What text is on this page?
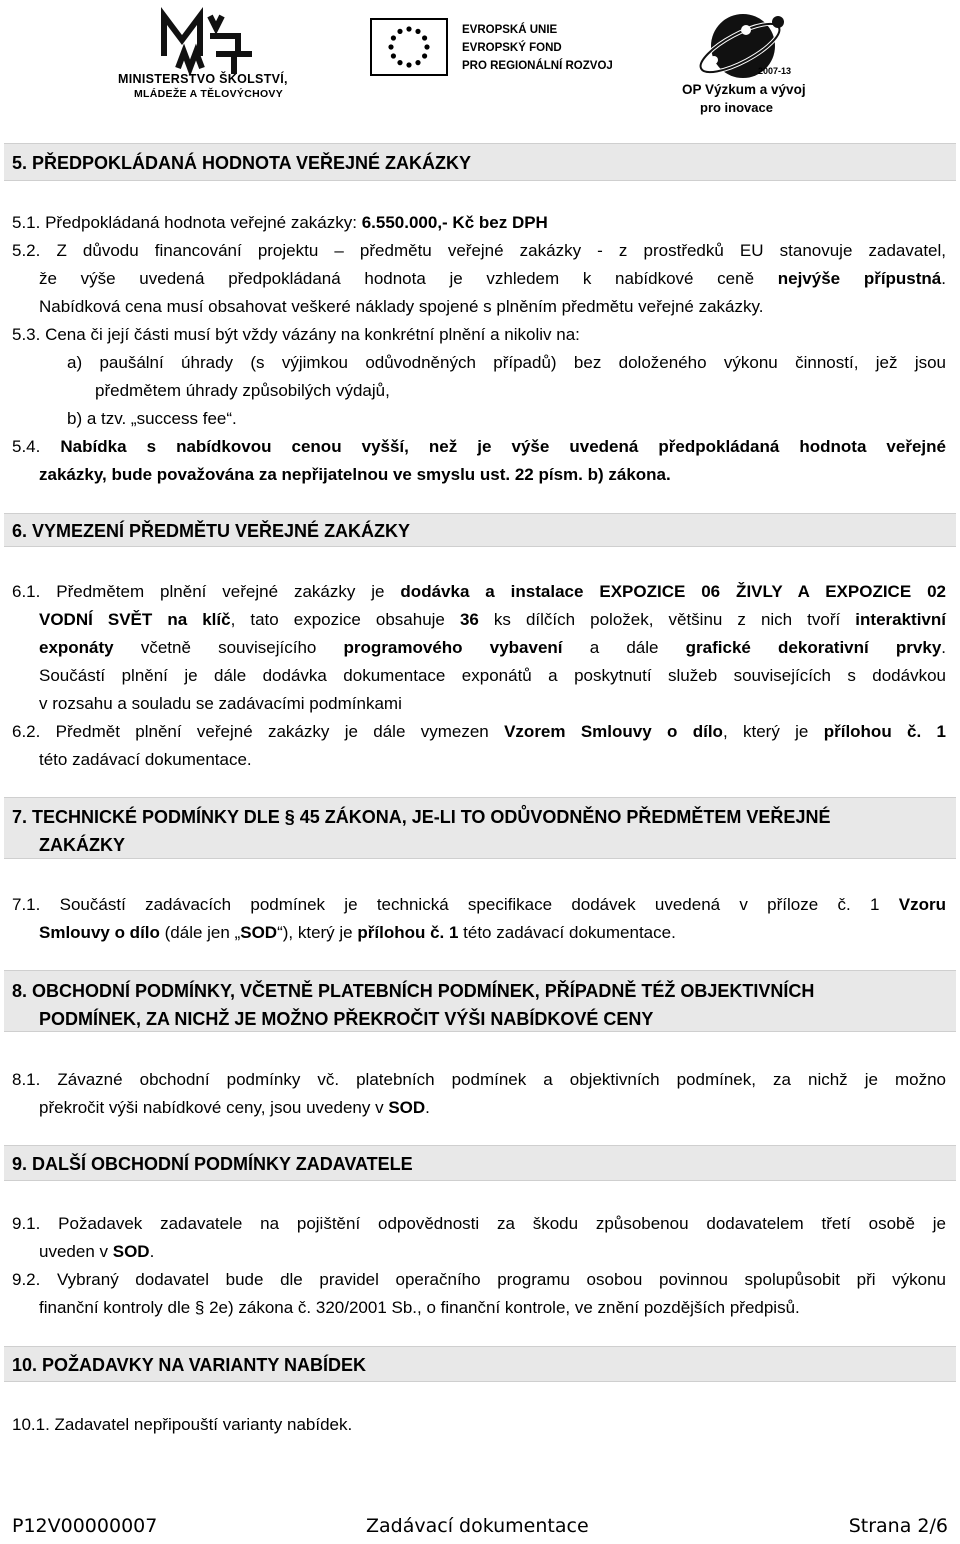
MINISTERSTVO ŠKOLSTVÍ,
MLÁDEŽE A TĚLOVÝCHOVY
EVROPSKÁ UNIE
EVROPSKÝ FOND
PRO REGIONÁLNÍ ROZVOJ	2007-13
OP Výzkum a vývoj
pro inovace
5. PŘEDPOKLÁDANÁ HODNOTA VEŘEJNÉ ZAKÁZKY
5.1. Předpokládaná hodnota veřejné zakázky: 6.550.000,- Kč bez DPH
5.2. Z důvodu financování projektu – předmětu veřejné zakázky - z prostředků EU stanovuje zadavatel,
že výše uvedená předpokládaná hodnota je vzhledem k nabídkové ceně nejvýše přípustná.
Nabídková cena musí obsahovat veškeré náklady spojené s plněním předmětu veřejné zakázky.
5.3. Cena či její části musí být vždy vázány na konkrétní plnění a nikoliv na:
a) paušální úhrady (s výjimkou odůvodněných případů) bez doloženého výkonu činností, jež jsou
předmětem úhrady způsobilých výdajů,
b) a tzv. „success fee“.
5.4. Nabídka s nabídkovou cenou vyšší, než je výše uvedená předpokládaná hodnota veřejné
zakázky, bude považována za nepřijatelnou ve smyslu ust. 22 písm. b) zákona.
6. VYMEZENÍ PŘEDMĚTU VEŘEJNÉ ZAKÁZKY
6.1. Předmětem plnění veřejné zakázky je dodávka a instalace EXPOZICE 06 ŽIVLY A EXPOZICE 02
VODNÍ SVĚT na klíč, tato expozice obsahuje 36 ks dílčích položek, většinu z nich tvoří interaktivní
exponáty včetně souvisejícího programového vybavení a dále grafické dekorativní prvky.
Součástí plnění je dále dodávka dokumentace exponátů a poskytnutí služeb souvisejících s dodávkou
v rozsahu a souladu se zadávacími podmínkami
6.2. Předmět plnění veřejné zakázky je dále vymezen Vzorem Smlouvy o dílo, který je přílohou č. 1
této zadávací dokumentace.
7. TECHNICKÉ PODMÍNKY DLE § 45 ZÁKONA, JE-LI TO ODŮVODNĚNO PŘEDMĚTEM VEŘEJNÉ
ZAKÁZKY
7.1. Součástí zadávacích podmínek je technická specifikace dodávek uvedená v příloze č. 1 Vzoru
Smlouvy o dílo (dále jen „SOD“), který je přílohou č. 1 této zadávací dokumentace.
8. OBCHODNÍ PODMÍNKY, VČETNĚ PLATEBNÍCH PODMÍNEK, PŘÍPADNĚ TÉŽ OBJEKTIVNÍCH
PODMÍNEK, ZA NICHŽ JE MOŽNO PŘEKROČIT VÝŠI NABÍDKOVÉ CENY
8.1. Závazné obchodní podmínky vč. platebních podmínek a objektivních podmínek, za nichž je možno
překročit výši nabídkové ceny, jsou uvedeny v SOD.
9. DALŠÍ OBCHODNÍ PODMÍNKY ZADAVATELE
9.1. Požadavek zadavatele na pojištění odpovědnosti za škodu způsobenou dodavatelem třetí osobě je
uveden v SOD.
9.2. Vybraný dodavatel bude dle pravidel operačního programu osobou povinnou spolupůsobit při výkonu
finanční kontroly dle § 2e) zákona č. 320/2001 Sb., o finanční kontrole, ve znění pozdějších předpisů.
10. POŽADAVKY NA VARIANTY NABÍDEK
10.1. Zadavatel nepřipouští varianty nabídek.
P12V00000007	Zadávací dokumentace	Strana 2/6
